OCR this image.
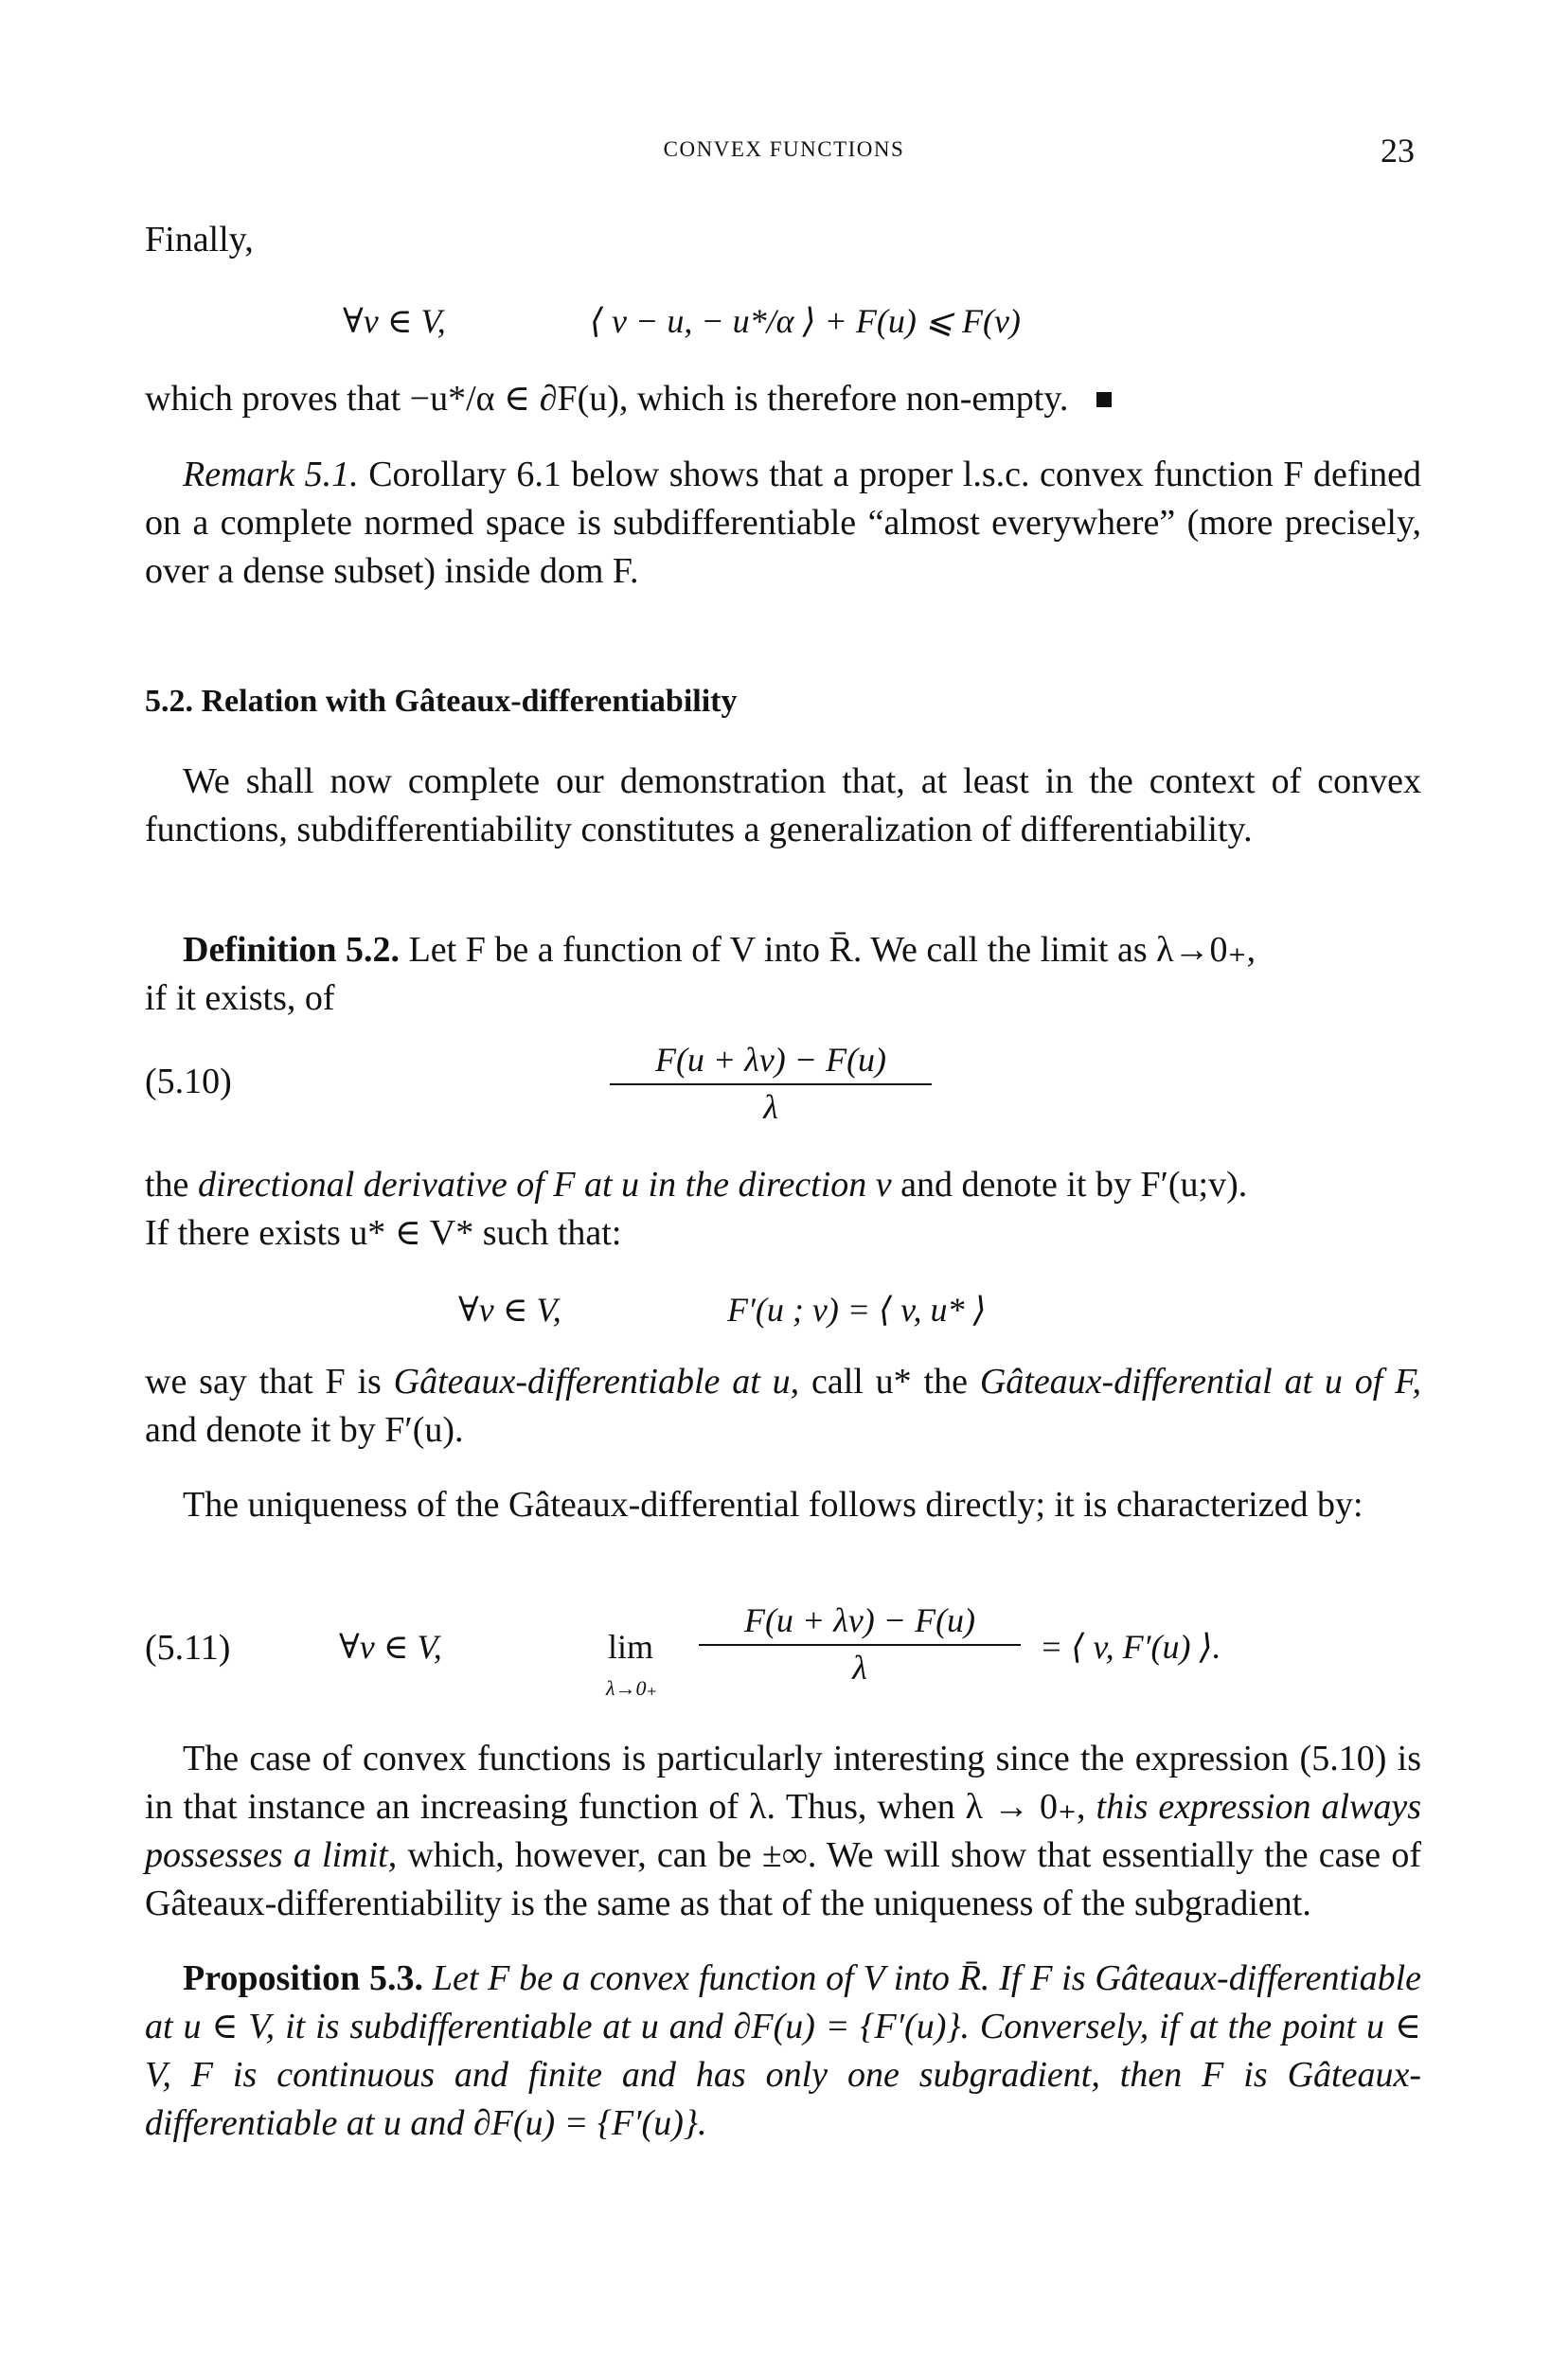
CONVEX FUNCTIONS	23

Finally,

∀v ∈ V,	⟨ v − u, − u*/α ⟩ + F(u) ⩽ F(v)

which proves that −u*/α ∈ ∂F(u), which is therefore non-empty.

Remark 5.1. Corollary 6.1 below shows that a proper l.s.c. convex function F defined on a complete normed space is subdifferentiable “almost everywhere” (more precisely, over a dense subset) inside dom F.

5.2. Relation with Gâteaux-differentiability

We shall now complete our demonstration that, at least in the context of convex functions, subdifferentiability constitutes a generalization of differentiability.

Definition 5.2. Let F be a function of V into R̄. We call the limit as λ→0₊,
if it exists, of

(5.10)	$\frac{F(u + \lambda v) - F(u)}{\lambda}$

the directional derivative of F at u in the direction v and denote it by F′(u;v).
If there exists u* ∈ V* such that:

∀v ∈ V,	F′(u ; v) = ⟨ v, u* ⟩

we say that F is Gâteaux-differentiable at u, call u* the Gâteaux-differential at u of F, and denote it by F′(u).

The uniqueness of the Gâteaux-differential follows directly; it is characterized by:

(5.11)	∀v ∈ V,	lim
λ→0₊
$\frac{F(u + \lambda v) - F(u)}{\lambda}$ = ⟨ v, F′(u) ⟩.

The case of convex functions is particularly interesting since the expression (5.10) is in that instance an increasing function of λ. Thus, when λ → 0₊, this expression always possesses a limit, which, however, can be ±∞. We will show that essentially the case of Gâteaux-differentiability is the same as that of the uniqueness of the subgradient.

Proposition 5.3. Let F be a convex function of V into R̄. If F is Gâteaux-differentiable at u ∈ V, it is subdifferentiable at u and ∂F(u) = {F′(u)}. Conversely, if at the point u ∈ V, F is continuous and finite and has only one subgradient, then F is Gâteaux-differentiable at u and ∂F(u) = {F′(u)}.
